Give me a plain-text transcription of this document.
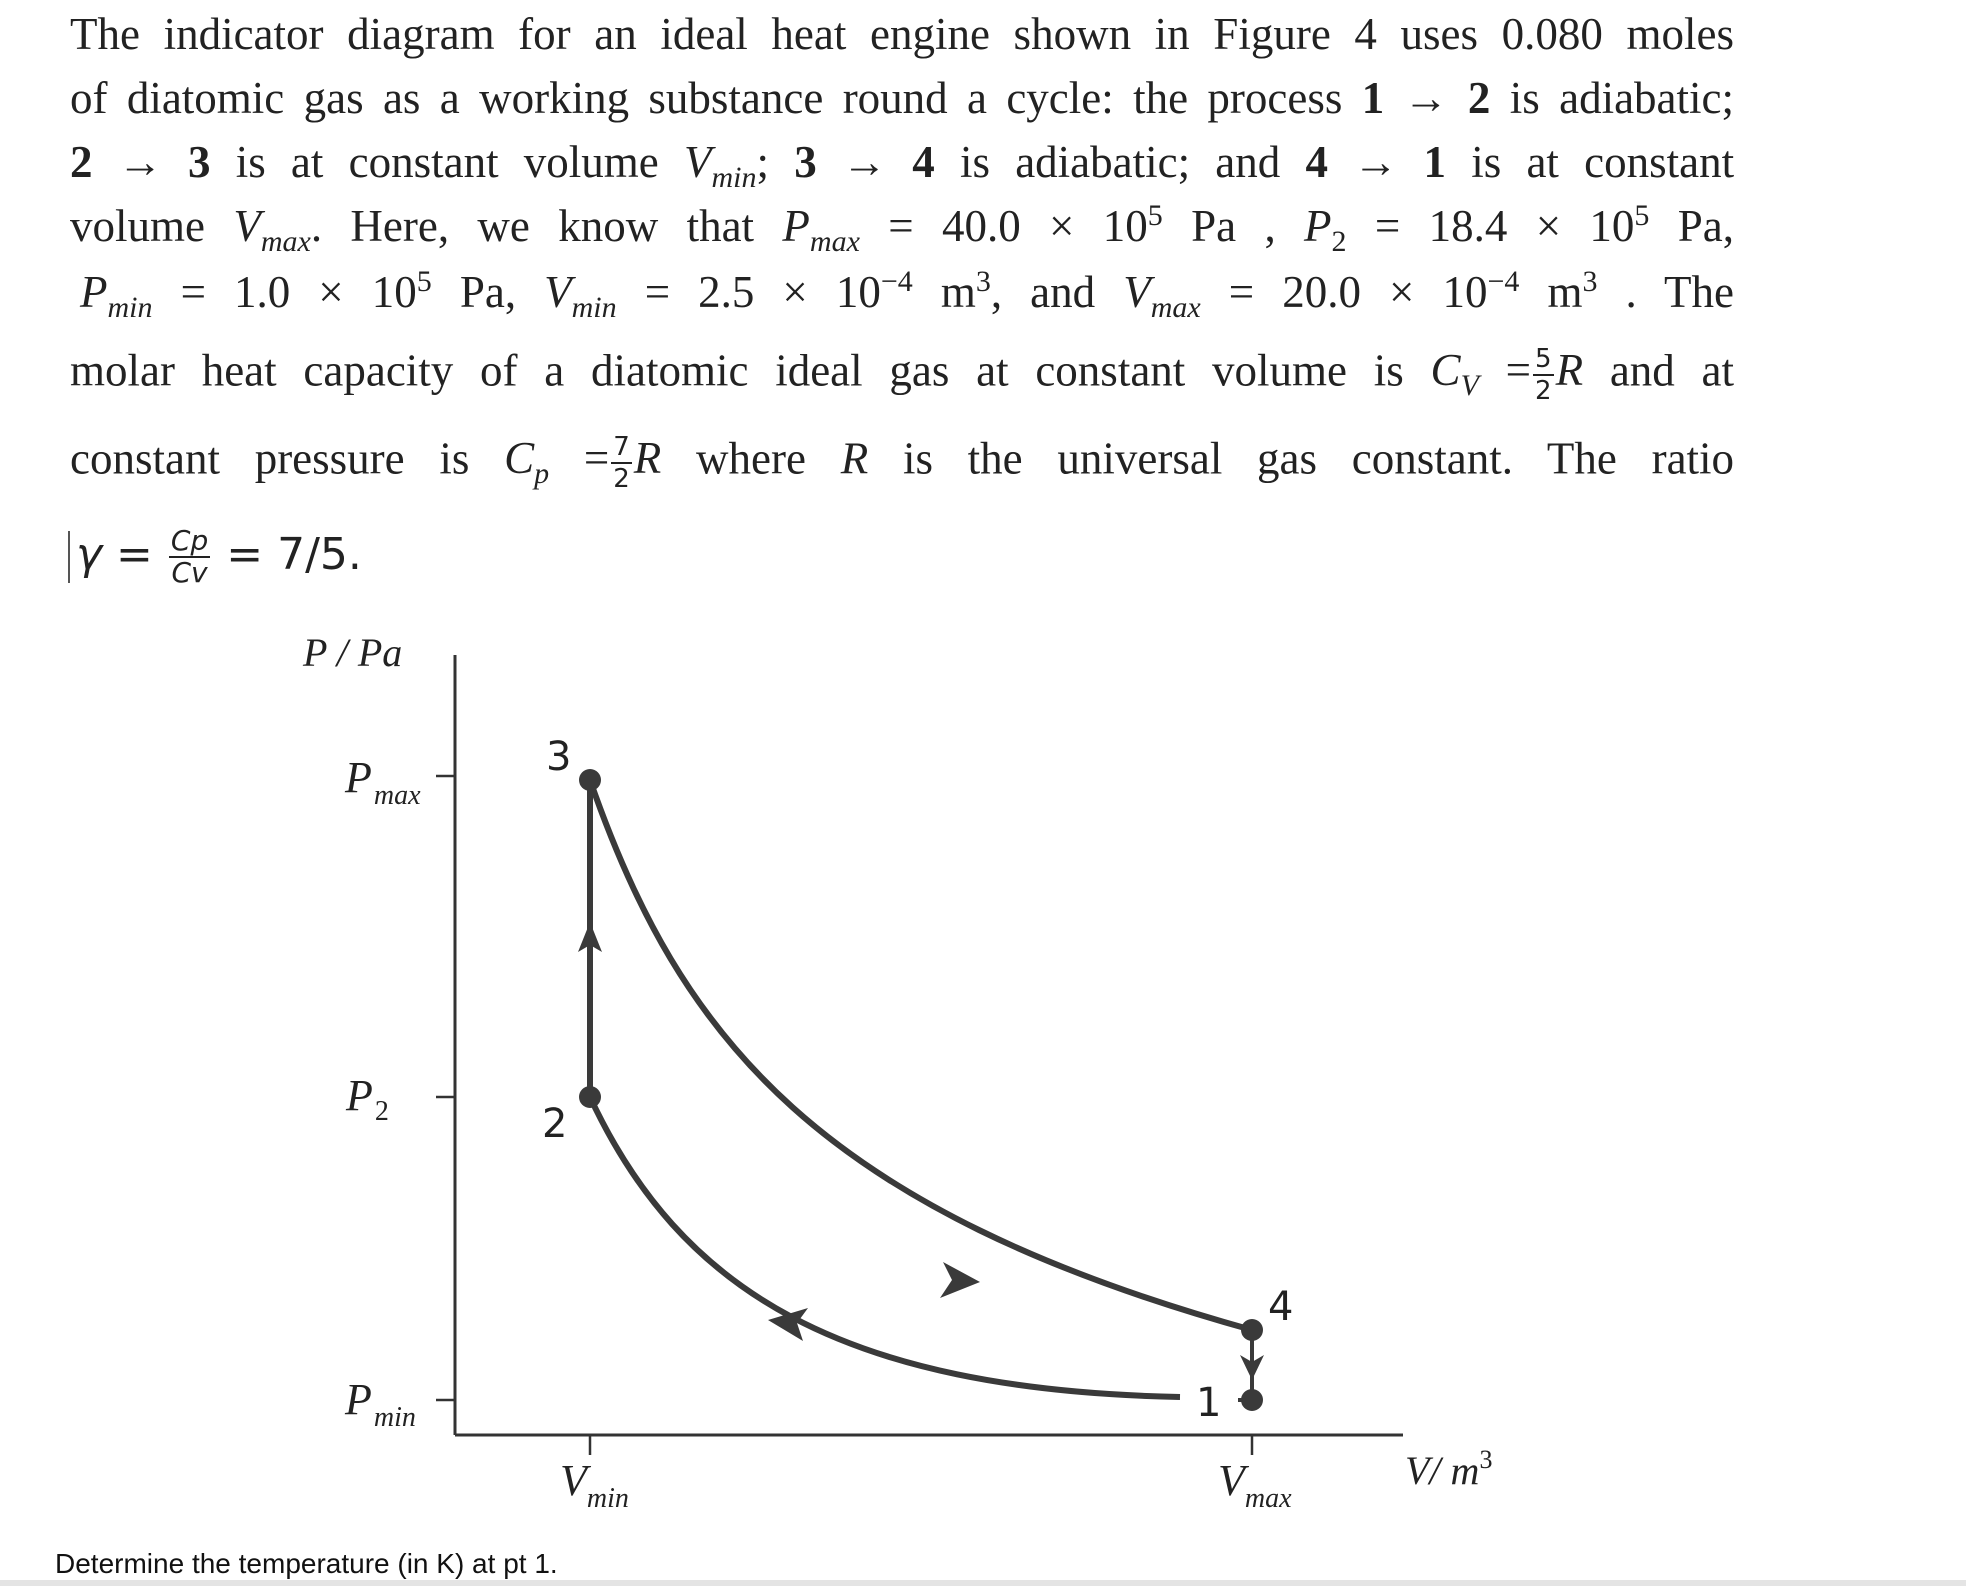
The indicator diagram for an ideal heat engine shown in Figure 4 uses 0.080 moles
of diatomic gas as a working substance round a cycle: the process 1 → 2 is adiabatic;
2 → 3 is at constant volume $V_{min}$; 3 → 4 is adiabatic; and 4 → 1 is at constant
volume $V_{max}$. Here, we know that $P_{max} = 40.0 \times 10^5$ Pa , $P_2 = 18.4 \times 10^5$ Pa,
$P_{min} = 1.0 \times 10^5$ Pa, $V_{min} = 2.5 \times 10^{-4}$ $m^3$, and $V_{max} = 20.0 \times 10^{-4}$ $m^3$ . The
molar heat capacity of a diatomic ideal gas at constant volume is $C_V = \frac{5}{2}$ R and at
constant pressure is $C_p = \frac{7}{2}$ R where R is the universal gas constant. The ratio
$\gamma = \frac{Cp}{Cv} = 7/5$.
P / Pa
V/ $m^3$
$P_{max}$
$P_2$
$P_{min}$
$V_{min}$	$V_{max}$
3
2
4
1
Determine the temperature (in K) at pt 1.
